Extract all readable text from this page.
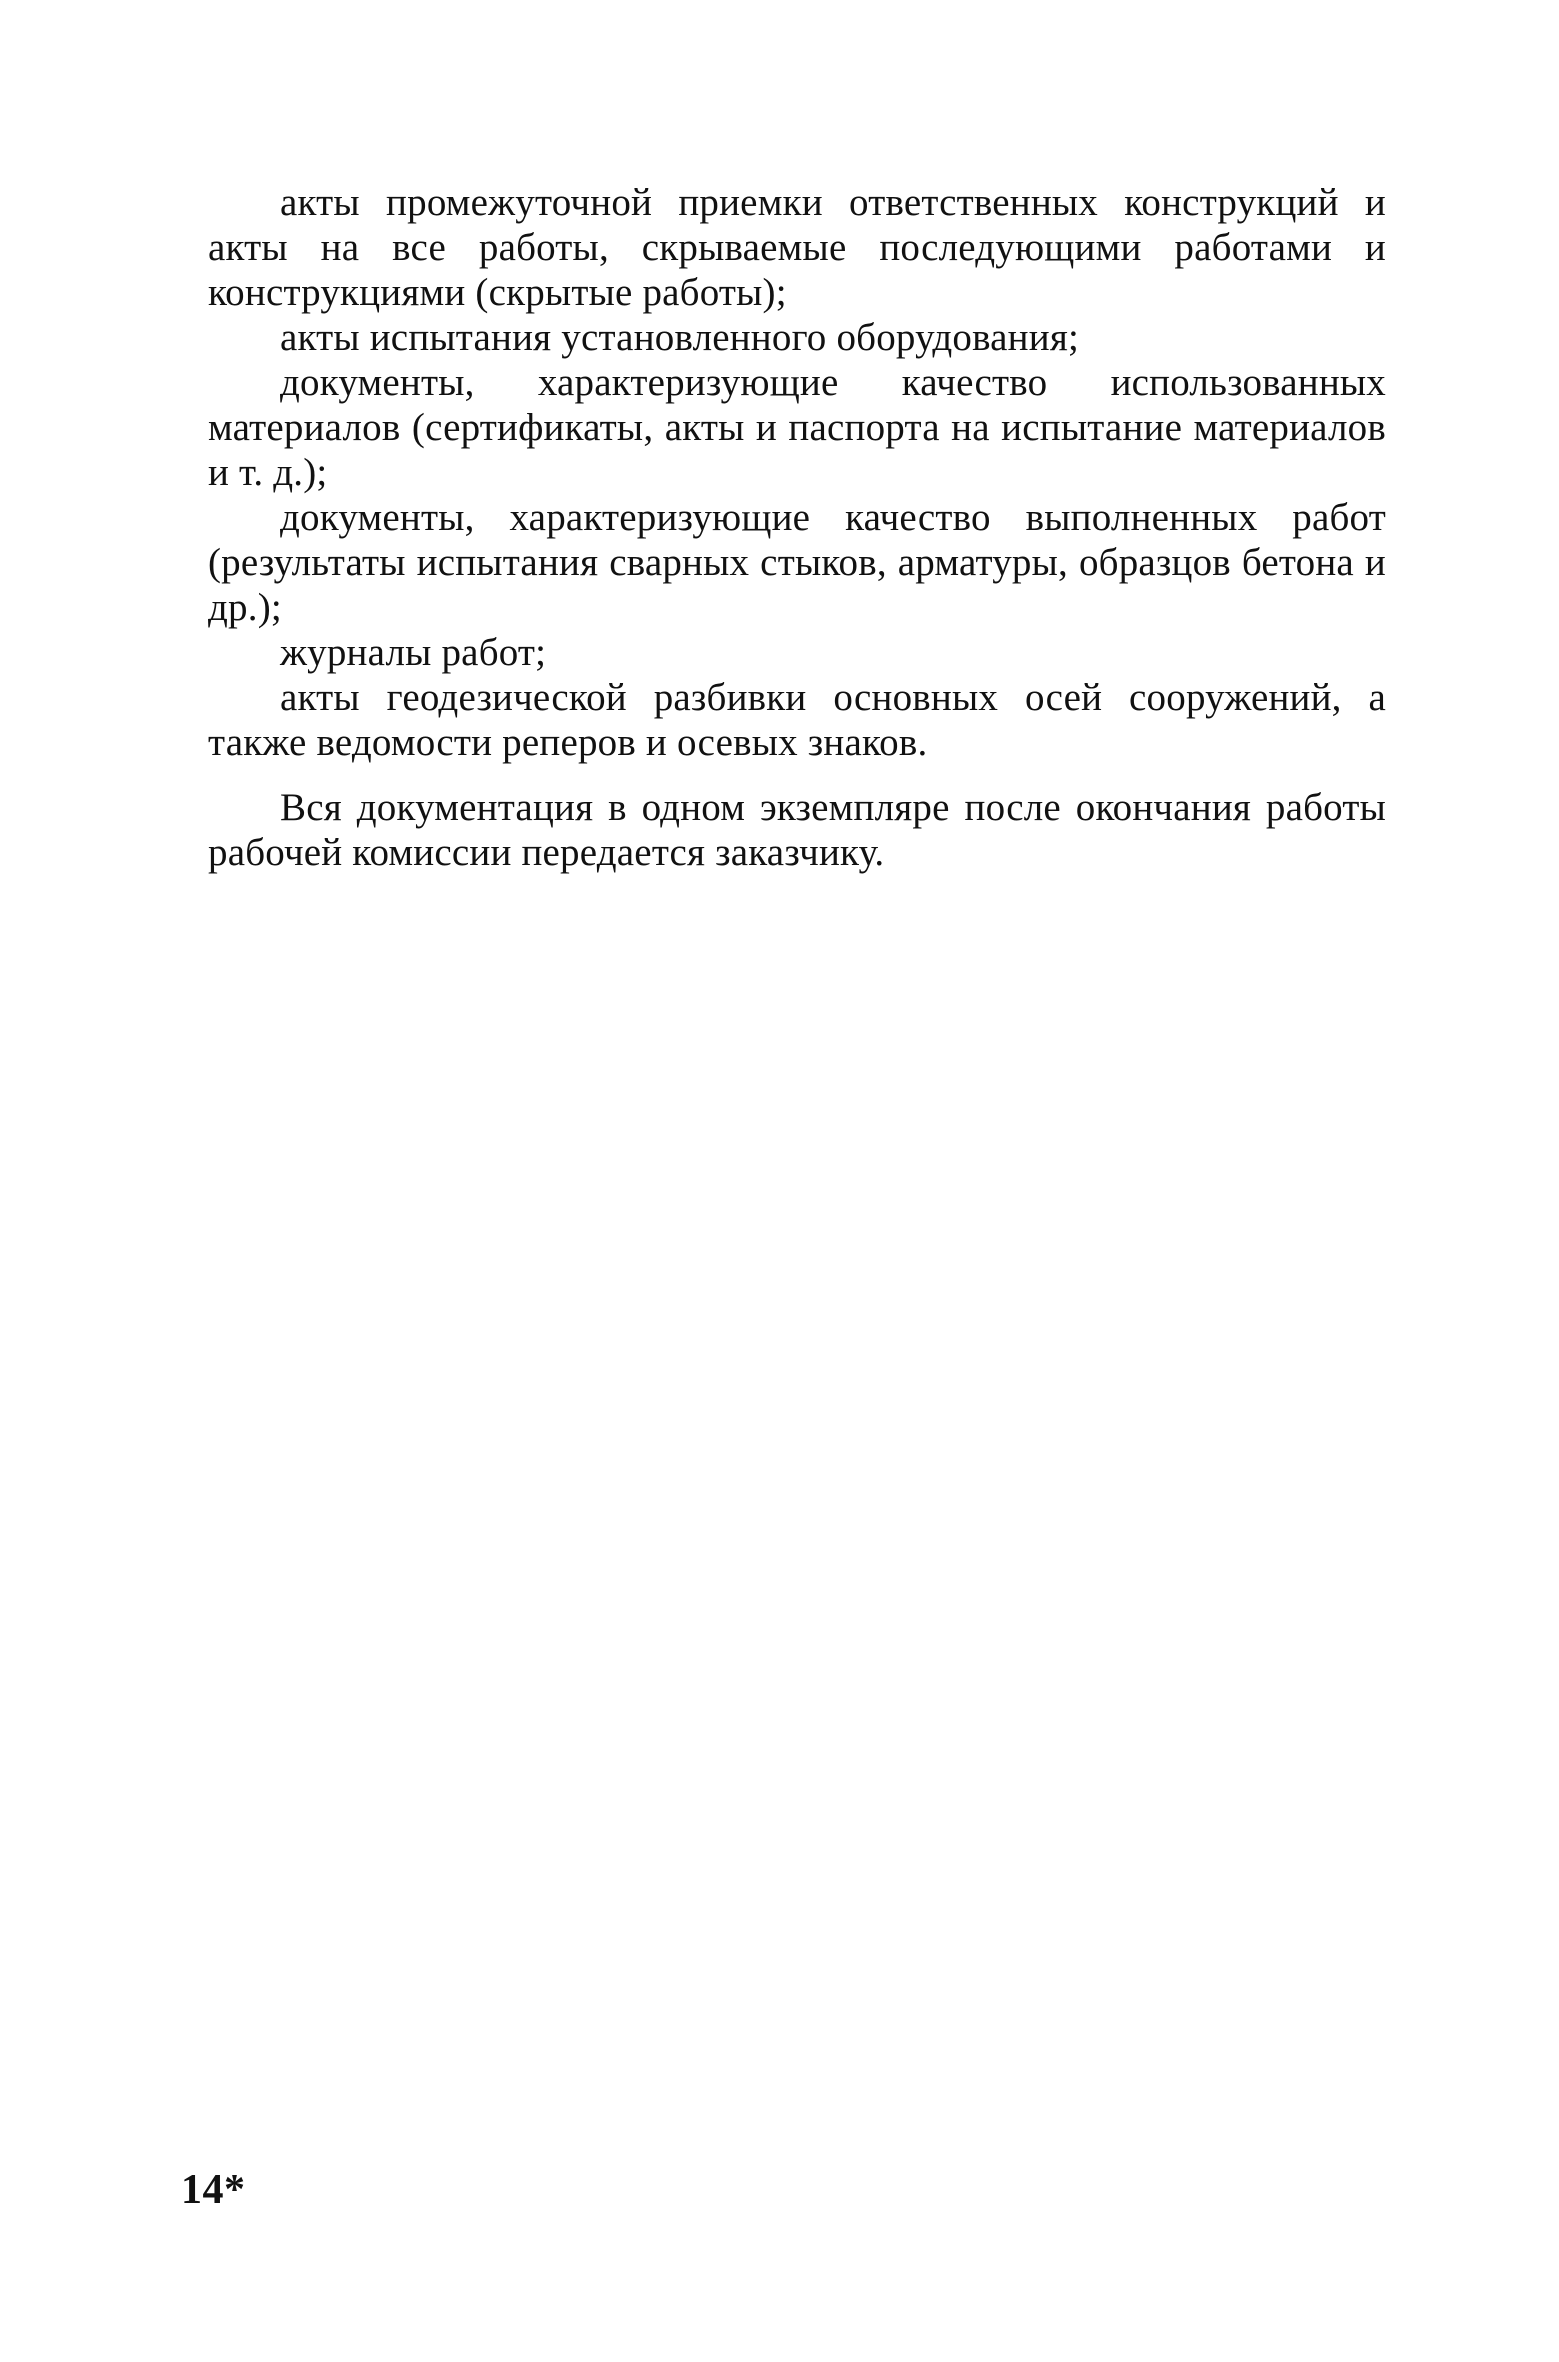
акты промежуточной приемки ответственных конструкций и акты на все работы, скрываемые последующими работами и конструкциями (скрытые работы);

акты испытания установленного оборудования;

документы, характеризующие качество использованных материалов (сертификаты, акты и паспорта на испытание материалов и т. д.);

документы, характеризующие качество выполненных работ (результаты испытания сварных стыков, арматуры, образцов бетона и др.);

журналы работ;

акты геодезической разбивки основных осей сооружений, а также ведомости реперов и осевых знаков.

Вся документация в одном экземпляре после окончания работы рабочей комиссии передается заказчику.

14*
